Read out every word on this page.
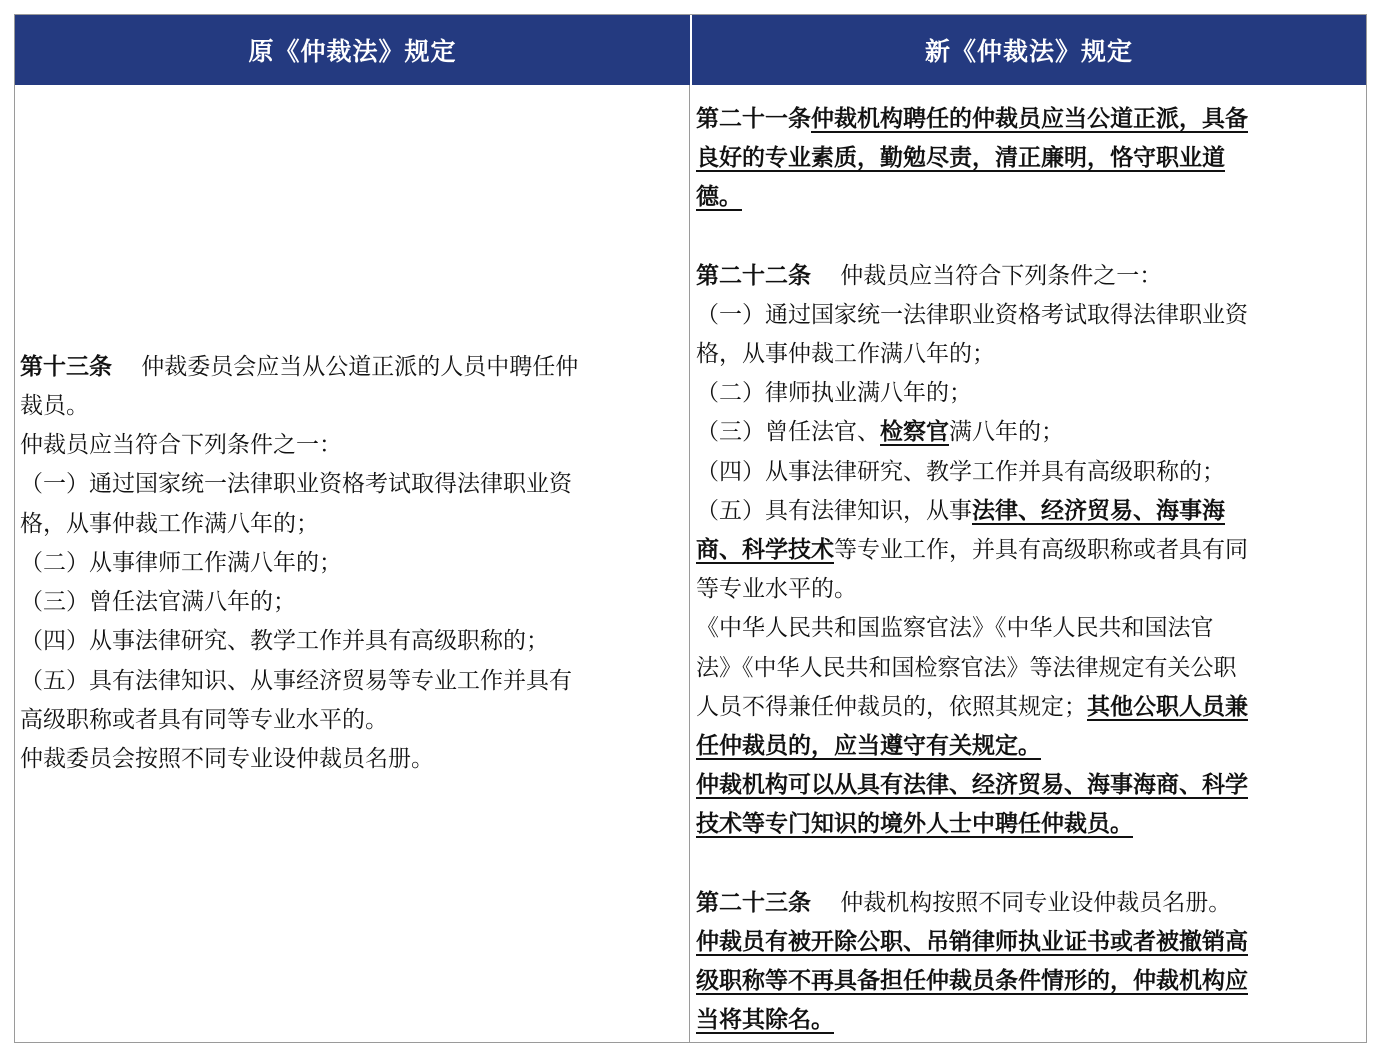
原《仲裁法》规定	新《仲裁法》规定
第十三条 仲裁委员会应当从公道正派的人员中聘任仲
裁员。
仲裁员应当符合下列条件之一：
（一）通过国家统一法律职业资格考试取得法律职业资
格，从事仲裁工作满八年的；
（二）从事律师工作满八年的；
（三）曾任法官满八年的；
（四）从事法律研究、教学工作并具有高级职称的；
（五）具有法律知识、从事经济贸易等专业工作并具有
高级职称或者具有同等专业水平的。
仲裁委员会按照不同专业设仲裁员名册。
第二十一条仲裁机构聘任的仲裁员应当公道正派，具备
良好的专业素质，勤勉尽责，清正廉明，恪守职业道
德。
第二十二条 仲裁员应当符合下列条件之一：
（一）通过国家统一法律职业资格考试取得法律职业资
格，从事仲裁工作满八年的；
（二）律师执业满八年的；
（三）曾任法官、检察官满八年的；
（四）从事法律研究、教学工作并具有高级职称的；
（五）具有法律知识，从事法律、经济贸易、海事海
商、科学技术等专业工作，并具有高级职称或者具有同
等专业水平的。
《中华人民共和国监察官法》《中华人民共和国法官
法》《中华人民共和国检察官法》等法律规定有关公职
人员不得兼任仲裁员的，依照其规定；其他公职人员兼
任仲裁员的，应当遵守有关规定。
仲裁机构可以从具有法律、经济贸易、海事海商、科学
技术等专门知识的境外人士中聘任仲裁员。
第二十三条 仲裁机构按照不同专业设仲裁员名册。
仲裁员有被开除公职、吊销律师执业证书或者被撤销高
级职称等不再具备担任仲裁员条件情形的，仲裁机构应
当将其除名。
